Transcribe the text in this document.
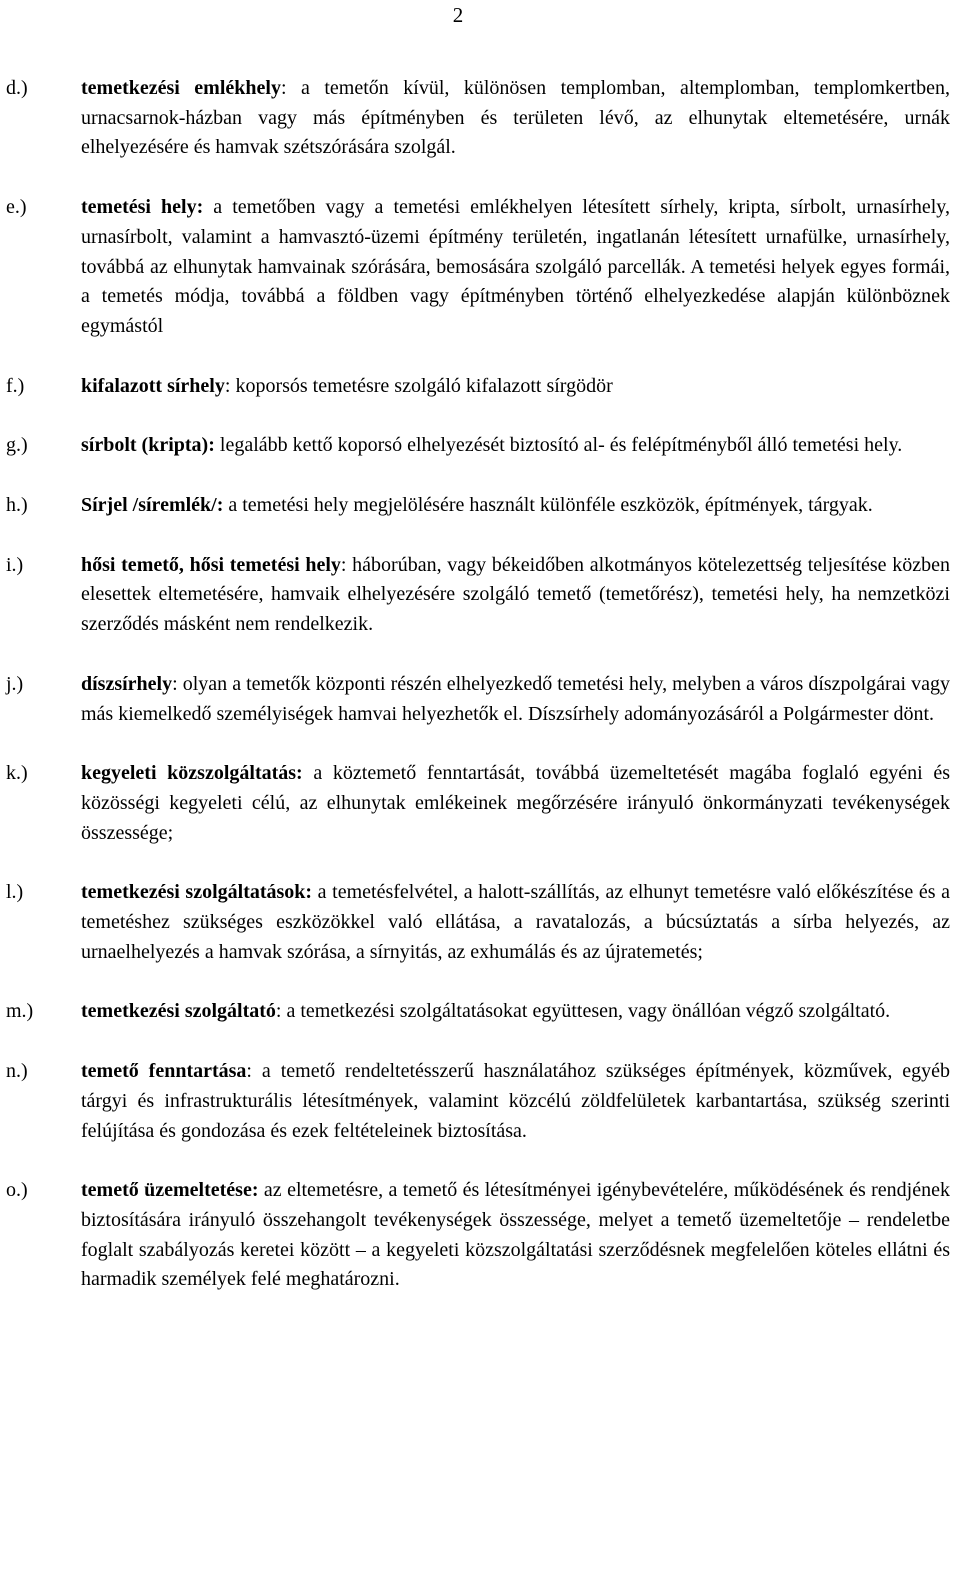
2
d.)	temetkezési emlékhely: a temetőn kívül, különösen templomban, altemplomban, templomkertben, urnacsarnok-házban vagy más építményben és területen lévő, az elhunytak eltemetésére, urnák elhelyezésére és hamvak szétszórására szolgál.
e.)	temetési hely: a temetőben vagy a temetési emlékhelyen létesített sírhely, kripta, sírbolt, urnasírhely, urnasírbolt, valamint a hamvasztó-üzemi építmény területén, ingatlanán létesített urnafülke, urnasírhely, továbbá az elhunytak hamvainak szórására, bemosására szolgáló parcellák. A temetési helyek egyes formái, a temetés módja, továbbá a földben vagy építményben történő elhelyezkedése alapján különböznek egymástól
f.)	kifalazott sírhely: koporsós temetésre szolgáló kifalazott sírgödör
g.)	sírbolt (kripta): legalább kettő koporsó elhelyezését biztosító al- és felépítményből álló temetési hely.
h.)	Sírjel /síremlék/: a temetési hely megjelölésére használt különféle eszközök, építmények, tárgyak.
i.)	hősi temető, hősi temetési hely: háborúban, vagy békeidőben alkotmányos kötelezettség teljesítése közben elesettek eltemetésére, hamvaik elhelyezésére szolgáló temető (temetőrész), temetési hely, ha nemzetközi szerződés másként nem rendelkezik.
j.)	díszsírhely: olyan a temetők központi részén elhelyezkedő temetési hely, melyben a város díszpolgárai vagy más kiemelkedő személyiségek hamvai helyezhetők el. Díszsírhely adományozásáról a Polgármester dönt.
k.)	kegyeleti közszolgáltatás: a köztemető fenntartását, továbbá üzemeltetését magába foglaló egyéni és közösségi kegyeleti célú, az elhunytak emlékeinek megőrzésére irányuló önkormányzati tevékenységek összessége;
l.)	temetkezési szolgáltatások: a temetésfelvétel, a halott-szállítás, az elhunyt temetésre való előkészítése és a temetéshez szükséges eszközökkel való ellátása, a ravatalozás, a búcsúztatás a sírba helyezés, az urnaelhelyezés a hamvak szórása, a sírnyitás, az exhumálás és az újratemetés;
m.)	temetkezési szolgáltató: a temetkezési szolgáltatásokat együttesen, vagy önállóan végző szolgáltató.
n.)	temető fenntartása: a temető rendeltetésszerű használatához szükséges építmények, közművek, egyéb tárgyi és infrastrukturális létesítmények, valamint közcélú zöldfelületek karbantartása, szükség szerinti felújítása és gondozása és ezek feltételeinek biztosítása.
o.)	temető üzemeltetése: az eltemetésre, a temető és létesítményei igénybevételére, működésének és rendjének biztosítására irányuló összehangolt tevékenységek összessége, melyet a temető üzemeltetője – rendeletbe foglalt szabályozás keretei között – a kegyeleti közszolgáltatási szerződésnek megfelelően köteles ellátni és harmadik személyek felé meghatározni.
